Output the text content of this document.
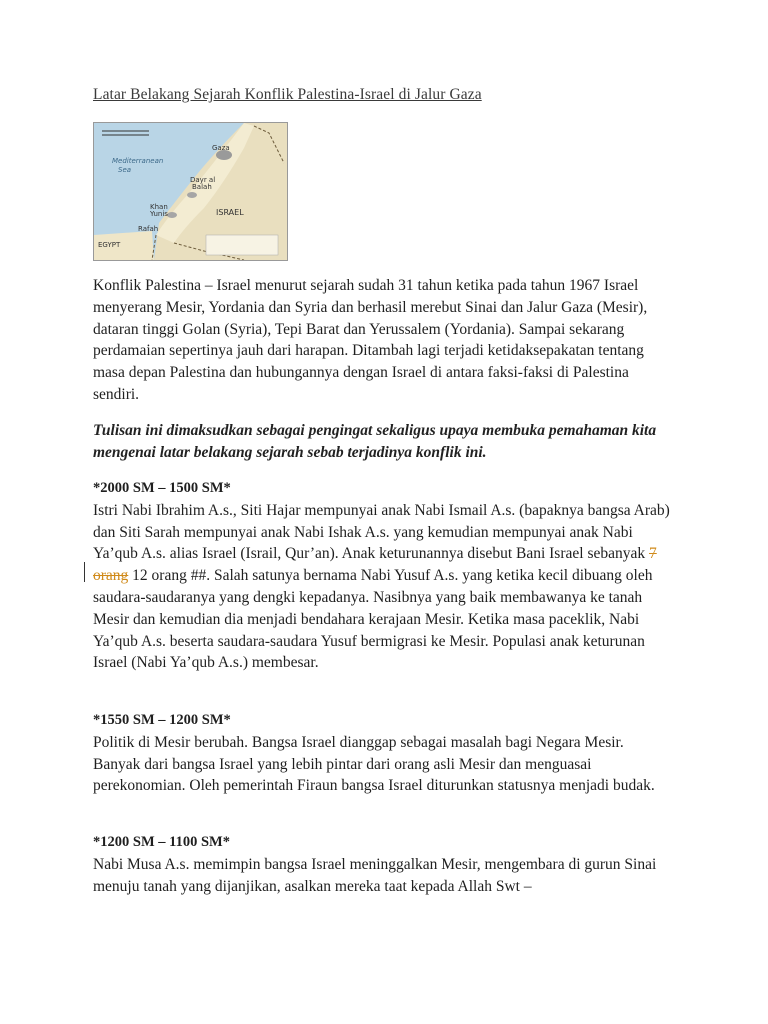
Latar Belakang Sejarah Konflik Palestina-Israel di Jalur Gaza
Mediterranean
Sea
Gaza
Dayr al
Balah
Khan
Yunis
Rafah
ISRAEL
EGYPT

Konflik Palestina – Israel menurut sejarah sudah 31 tahun ketika pada tahun 1967 Israel menyerang Mesir, Yordania dan Syria dan berhasil merebut Sinai dan Jalur Gaza (Mesir), dataran tinggi Golan (Syria), Tepi Barat dan Yerussalem (Yordania). Sampai sekarang perdamaian sepertinya jauh dari harapan. Ditambah lagi terjadi ketidaksepakatan tentang masa depan Palestina dan hubungannya dengan Israel di antara faksi-faksi di Palestina sendiri.

Tulisan ini dimaksudkan sebagai pengingat sekaligus upaya membuka pemahaman kita mengenai latar belakang sejarah sebab terjadinya konflik ini.

*2000 SM – 1500 SM*
Istri Nabi Ibrahim A.s., Siti Hajar mempunyai anak Nabi Ismail A.s. (bapaknya bangsa Arab) dan Siti Sarah mempunyai anak Nabi Ishak A.s. yang kemudian mempunyai anak Nabi Ya’qub A.s. alias Israel (Israil, Qur’an). Anak keturunannya disebut Bani Israel sebanyak 7 orang 12 orang ##. Salah satunya bernama Nabi Yusuf A.s. yang ketika kecil dibuang oleh saudara-saudaranya yang dengki kepadanya. Nasibnya yang baik membawanya ke tanah Mesir dan kemudian dia menjadi bendahara kerajaan Mesir. Ketika masa paceklik, Nabi Ya’qub A.s. beserta saudara-saudara Yusuf bermigrasi ke Mesir. Populasi anak keturunan Israel (Nabi Ya’qub A.s.) membesar.
*1550 SM – 1200 SM*
Politik di Mesir berubah. Bangsa Israel dianggap sebagai masalah bagi Negara Mesir. Banyak dari bangsa Israel yang lebih pintar dari orang asli Mesir dan menguasai perekonomian. Oleh pemerintah Firaun bangsa Israel diturunkan statusnya menjadi budak.
*1200 SM – 1100 SM*
Nabi Musa A.s. memimpin bangsa Israel meninggalkan Mesir, mengembara di gurun Sinai menuju tanah yang dijanjikan, asalkan mereka taat kepada Allah Swt –
